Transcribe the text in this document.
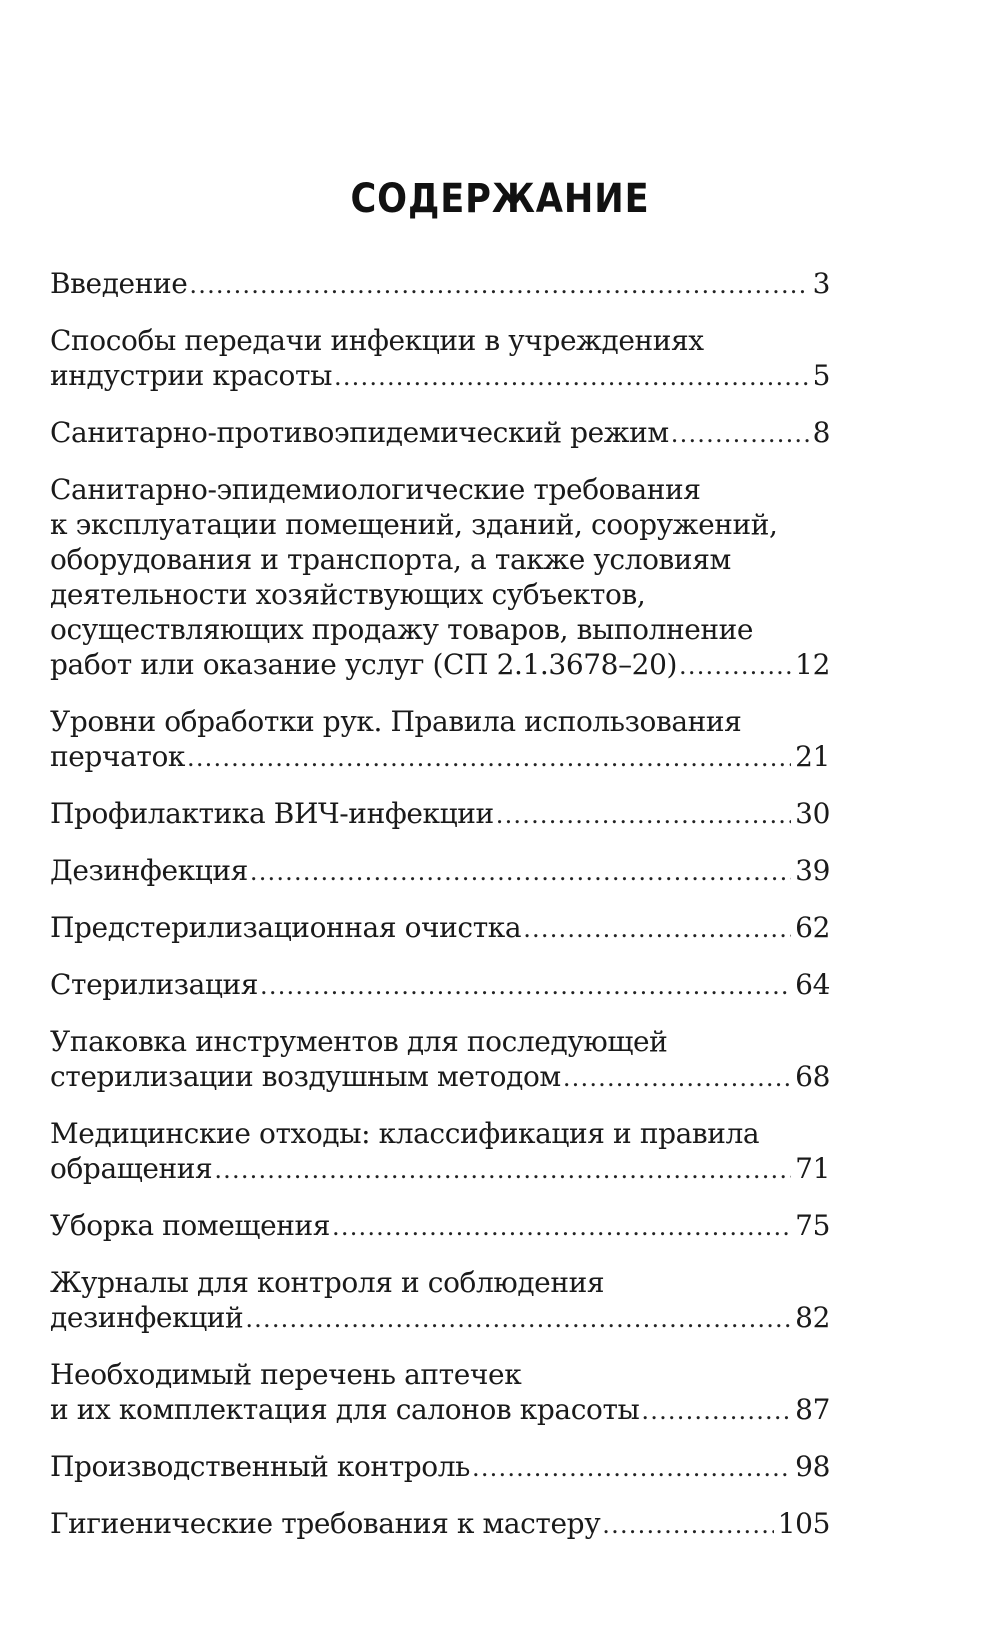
СОДЕРЖАНИЕ
Введение .....	3
Способы передачи инфекции в учреждениях
индустрии красоты .....	5
Санитарно-противоэпидемический режим .....	8
Санитарно-эпидемиологические требования
к эксплуатации помещений, зданий, сооружений,
оборудования и транспорта, а также условиям
деятельности хозяйствующих субъектов,
осуществляющих продажу товаров, выполнение
работ или оказание услуг (СП 2.1.3678–20) .....	12
Уровни обработки рук. Правила использования
перчаток .....	21
Профилактика ВИЧ-инфекции .....	30
Дезинфекция .....	39
Предстерилизационная очистка .....	62
Стерилизация .....	64
Упаковка инструментов для последующей
стерилизации воздушным методом .....	68
Медицинские отходы: классификация и правила
обращения .....	71
Уборка помещения .....	75
Журналы для контроля и соблюдения
дезинфекций .....	82
Необходимый перечень аптечек
и их комплектация для салонов красоты .....	87
Производственный контроль .....	98
Гигиенические требования к мастеру .....	105
